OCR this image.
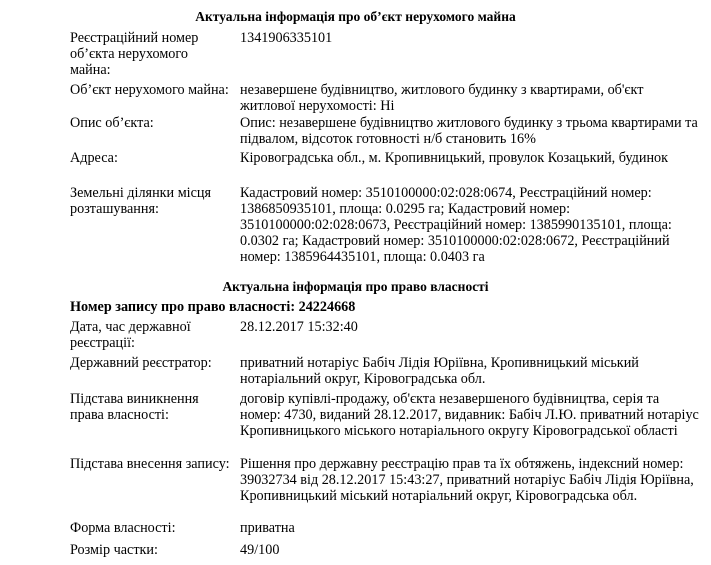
Актуальна інформація про об’єкт нерухомого майна
Реєстраційний номер об’єкта нерухомого майна:
1341906335101
Об’єкт нерухомого майна: незавершене будівництво, житлового будинку з квартирами, об'єкт житлової нерухомості: Ні
Опис об’єкта:	Опис: незавершене будівництво житлового будинку з трьома квартирами та підвалом, відсоток готовності н/б становить 16%
Адреса:	Кіровоградська обл., м. Кропивницький, провулок Козацький, будинок
Земельні ділянки місця розташування:
Кадастровий номер: 3510100000:02:028:0674, Реєстраційний номер: 1386850935101, площа: 0.0295 га; Кадастровий номер: 3510100000:02:028:0673, Реєстраційний номер: 1385990135101, площа: 0.0302 га; Кадастровий номер: 3510100000:02:028:0672, Реєстраційний номер: 1385964435101, площа: 0.0403 га
Актуальна інформація про право власності
Номер запису про право власності: 24224668
Дата, час державної реєстрації:
28.12.2017 15:32:40
Державний реєстратор:	приватний нотаріус Бабіч Лідія Юріївна, Кропивницький міський нотаріальний округ, Кіровоградська обл.
Підстава виникнення права власності:
договір купівлі-продажу, об'єкта незавершеного будівництва, серія та номер: 4730, виданий 28.12.2017, видавник: Бабіч Л.Ю. приватний нотаріус Кропивницького міського нотаріального округу Кіровоградської області
Підстава внесення запису: Рішення про державну реєстрацію прав та їх обтяжень, індексний номер: 39032734 від 28.12.2017 15:43:27, приватний нотаріус Бабіч Лідія Юріївна, Кропивницький міський нотаріальний округ, Кіровоградська обл.
Форма власності:	приватна
Розмір частки:	49/100
